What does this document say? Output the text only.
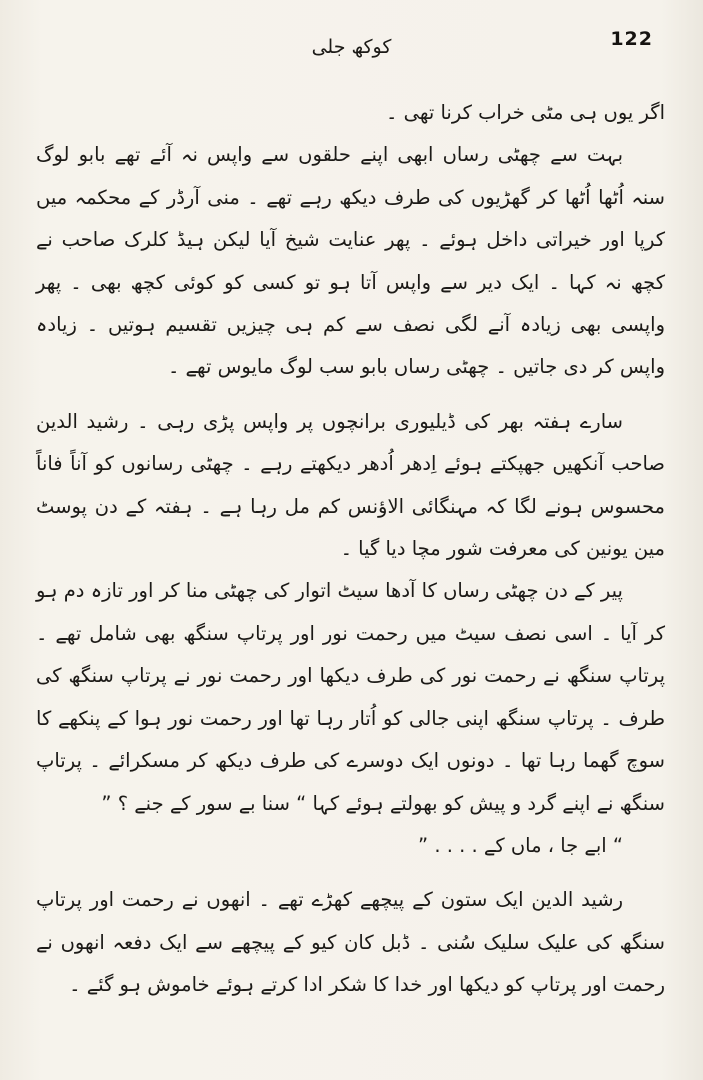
122
کوکھ جلی

اگر یوں ہی مٹی خراب کرنا تھی ۔

بہت سے چھٹی رساں ابھی اپنے حلقوں سے واپس نہ آئے تھے بابو لوگ سنہ اُٹھا اُٹھا کر گھڑیوں کی طرف دیکھ رہے تھے ۔ منی آرڈر کے محکمہ میں کرپا اور خیراتی داخل ہوئے ۔ پھر عنایت شیخ آیا لیکن ہیڈ کلرک صاحب نے کچھ نہ کہا ۔ ایک دیر سے واپس آتا ہو تو کسی کو کوئی کچھ بھی ۔ پھر واپسی بھی زیادہ آنے لگی نصف سے کم ہی چیزیں تقسیم ہوتیں ۔ زیادہ واپس کر دی جاتیں ۔ چھٹی رساں بابو سب لوگ مایوس تھے ۔

سارے ہفتہ بھر کی ڈیلیوری برانچوں پر واپس پڑی رہی ۔ رشید الدین صاحب آنکھیں جھپکتے ہوئے اِدھر اُدھر دیکھتے رہے ۔ چھٹی رسانوں کو آناً فاناً محسوس ہونے لگا کہ مہنگائی الاؤنس کم مل رہا ہے ۔ ہفتہ کے دن پوسٹ مین یونین کی معرفت شور مچا دیا گیا ۔

پیر کے دن چھٹی رساں کا آدھا سیٹ اتوار کی چھٹی منا کر اور تازہ دم ہو کر آیا ۔ اسی نصف سیٹ میں رحمت نور اور پرتاپ سنگھ بھی شامل تھے ۔ پرتاپ سنگھ نے رحمت نور کی طرف دیکھا اور رحمت نور نے پرتاپ سنگھ کی طرف ۔ پرتاپ سنگھ اپنی جالی کو اُتار رہا تھا اور رحمت نور ہوا کے پنکھے کا سوچ گھما رہا تھا ۔ دونوں ایک دوسرے کی طرف دیکھ کر مسکرائے ۔ پرتاپ سنگھ نے اپنے گرد و پیش کو بھولتے ہوئے کہا “ سنا بے سور کے جنے ؟ ”

“ ابے جا ، ماں کے . . . . ”

رشید الدین ایک ستون کے پیچھے کھڑے تھے ۔ انھوں نے رحمت اور پرتاپ سنگھ کی علیک سلیک سُنی ۔ ڈبل کان کیو کے پیچھے سے ایک دفعہ انھوں نے رحمت اور پرتاپ کو دیکھا اور خدا کا شکر ادا کرتے ہوئے خاموش ہو گئے ۔
